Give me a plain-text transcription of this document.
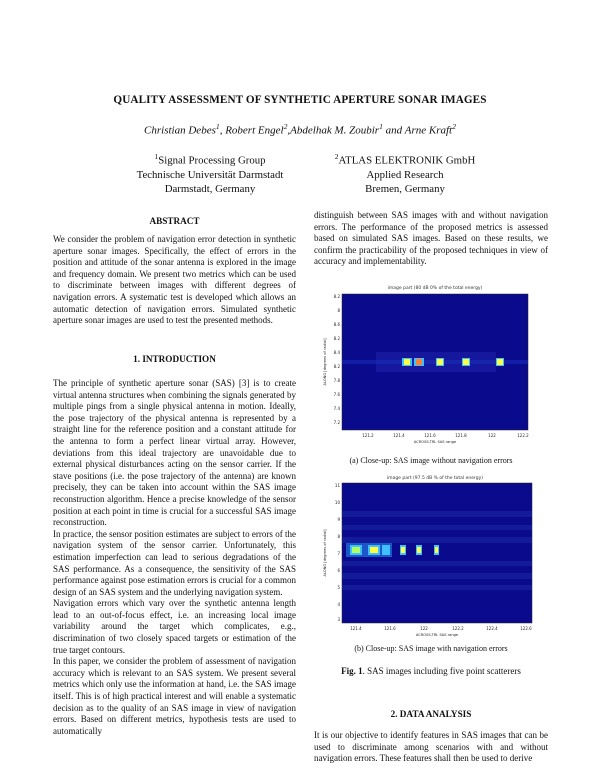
QUALITY ASSESSMENT OF SYNTHETIC APERTURE SONAR IMAGES
Christian Debes$^1$, Robert Engel$^2$,Abdelhak M. Zoubir$^1$ and Arne Kraft$^2$
$^1$Signal Processing Group
Technische Universität Darmstadt
Darmstadt, Germany
$^2$ATLAS ELEKTRONIK GmbH
Applied Research
Bremen, Germany
ABSTRACT
We consider the problem of navigation error detection in synthetic aperture sonar images. Specifically, the effect of errors in the position and attitude of the sonar antenna is explored in the image and frequency domain. We present two metrics which can be used to discriminate between images with different degrees of navigation errors. A systematic test is developed which allows an automatic detection of navigation errors. Simulated synthetic aperture sonar images are used to test the presented methods.
1. INTRODUCTION

The principle of synthetic aperture sonar (SAS) [3] is to create virtual antenna structures when combining the signals generated by multiple pings from a single physical antenna in motion. Ideally, the pose trajectory of the physical antenna is represented by a straight line for the reference position and a constant attitude for the antenna to form a perfect linear virtual array. However, deviations from this ideal trajectory are unavoidable due to external physical disturbances acting on the sensor carrier. If the stave positions (i.e. the pose trajectory of the antenna) are known precisely, they can be taken into account within the SAS image reconstruction algorithm. Hence a precise knowledge of the sensor position at each point in time is crucial for a successful SAS image reconstruction.

In practice, the sensor position estimates are subject to errors of the navigation system of the sensor carrier. Unfortunately, this estimation imperfection can lead to serious degradations of the SAS performance. As a consequence, the sensitivity of the SAS performance against pose estimation errors is crucial for a common design of an SAS system and the underlying navigation system.

Navigation errors which vary over the synthetic antenna length lead to an out-of-focus effect, i.e. an increasing local image variability around the target which complicates, e.g., discrimination of two closely spaced targets or estimation of the true target contours.

In this paper, we consider the problem of assessment of navigation accuracy which is relevant to an SAS system. We present several metrics which only use the information at hand, i.e. the SAS image itself. This is of high practical interest and will enable a systematic decision as to the quality of an SAS image in view of navigation errors. Based on different metrics, hypothesis tests are used to automatically

distinguish between SAS images with and without navigation errors. The performance of the proposed metrics is assessed based on simulated SAS images. Based on these results, we confirm the practicability of the proposed techniques in view of accuracy and implementability.
image part (80 dB 0% of the total energy)
121.2	121.4	121.6	121.8	122	122.2
8.2
8
8.6
8.2
8.4
8.2
7.8
7.6
7.4
7.2
ACROSS-TRL SAS range
ALONG [degrees of radial]
(a) Close-up: SAS image without navigation errors
image part (97.5 dB % of the total energy)
121.4	121.6	122	122.2	122.4	122.6
11
10
9
8
7
6
5
4
3
ACROSS-TRL SAS range
ALONG [degrees of radial]
(b) Close-up: SAS image with navigation errors
Fig. 1. SAS images including five point scatterers
2. DATA ANALYSIS
It is our objective to identify features in SAS images that can be used to discriminate among scenarios with and without navigation errors. These features shall then be used to derive
